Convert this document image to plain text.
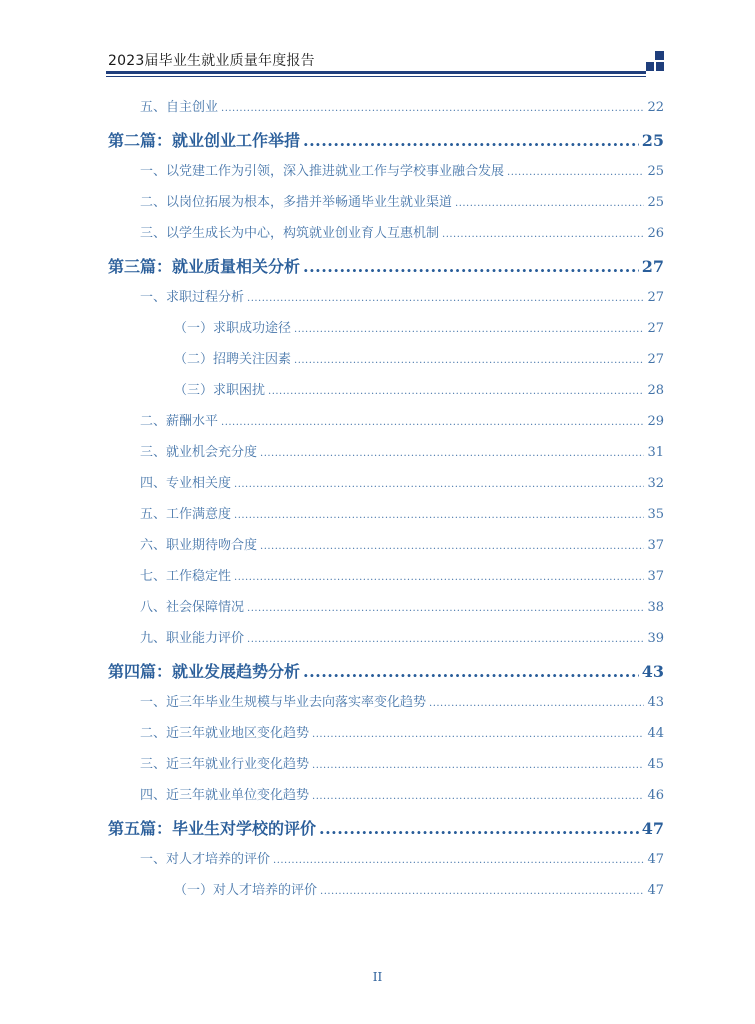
2023届毕业生就业质量年度报告
五、自主创业 .....	22
第二篇：就业创业工作举措 .....	25
一、以党建工作为引领，深入推进就业工作与学校事业融合发展 .....	25
二、以岗位拓展为根本，多措并举畅通毕业生就业渠道 .....	25
三、以学生成长为中心，构筑就业创业育人互惠机制 .....	26
第三篇：就业质量相关分析 .....	27
一、求职过程分析 .....	27
（一）求职成功途径 .....	27
（二）招聘关注因素 .....	27
（三）求职困扰 .....	28
二、薪酬水平 .....	29
三、就业机会充分度 .....	31
四、专业相关度 .....	32
五、工作满意度 .....	35
六、职业期待吻合度 .....	37
七、工作稳定性 .....	37
八、社会保障情况 .....	38
九、职业能力评价 .....	39
第四篇：就业发展趋势分析 .....	43
一、近三年毕业生规模与毕业去向落实率变化趋势 .....	43
二、近三年就业地区变化趋势 .....	44
三、近三年就业行业变化趋势 .....	45
四、近三年就业单位变化趋势 .....	46
第五篇：毕业生对学校的评价 .....	47
一、对人才培养的评价 .....	47
（一）对人才培养的评价 .....	47
II
